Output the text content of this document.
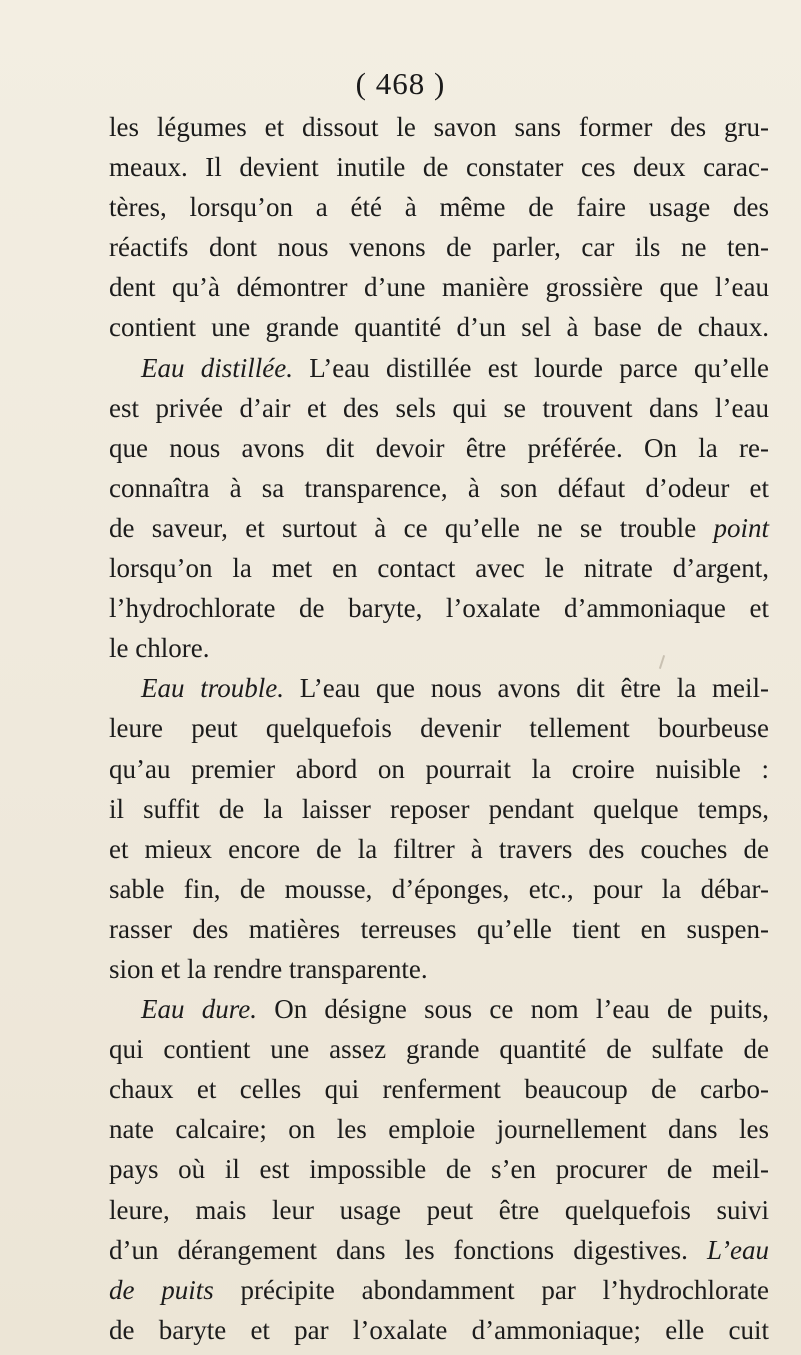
( 468 )
les légumes et dissout le savon sans former des gru-
meaux. Il devient inutile de constater ces deux carac-
tères, lorsqu’on a été à même de faire usage des
réactifs dont nous venons de parler, car ils ne ten-
dent qu’à démontrer d’une manière grossière que l’eau
contient une grande quantité d’un sel à base de chaux.
Eau distillée. L’eau distillée est lourde parce qu’elle
est privée d’air et des sels qui se trouvent dans l’eau
que nous avons dit devoir être préférée. On la re-
connaîtra à sa transparence, à son défaut d’odeur et
de saveur, et surtout à ce qu’elle ne se trouble point
lorsqu’on la met en contact avec le nitrate d’argent,
l’hydrochlorate de baryte, l’oxalate d’ammoniaque et
le chlore.
Eau trouble. L’eau que nous avons dit être la meil-
leure peut quelquefois devenir tellement bourbeuse
qu’au premier abord on pourrait la croire nuisible :
il suffit de la laisser reposer pendant quelque temps,
et mieux encore de la filtrer à travers des couches de
sable fin, de mousse, d’éponges, etc., pour la débar-
rasser des matières terreuses qu’elle tient en suspen-
sion et la rendre transparente.
Eau dure. On désigne sous ce nom l’eau de puits,
qui contient une assez grande quantité de sulfate de
chaux et celles qui renferment beaucoup de carbo-
nate calcaire; on les emploie journellement dans les
pays où il est impossible de s’en procurer de meil-
leure, mais leur usage peut être quelquefois suivi
d’un dérangement dans les fonctions digestives. L’eau
de puits précipite abondamment par l’hydrochlorate
de baryte et par l’oxalate d’ammoniaque; elle cuit
